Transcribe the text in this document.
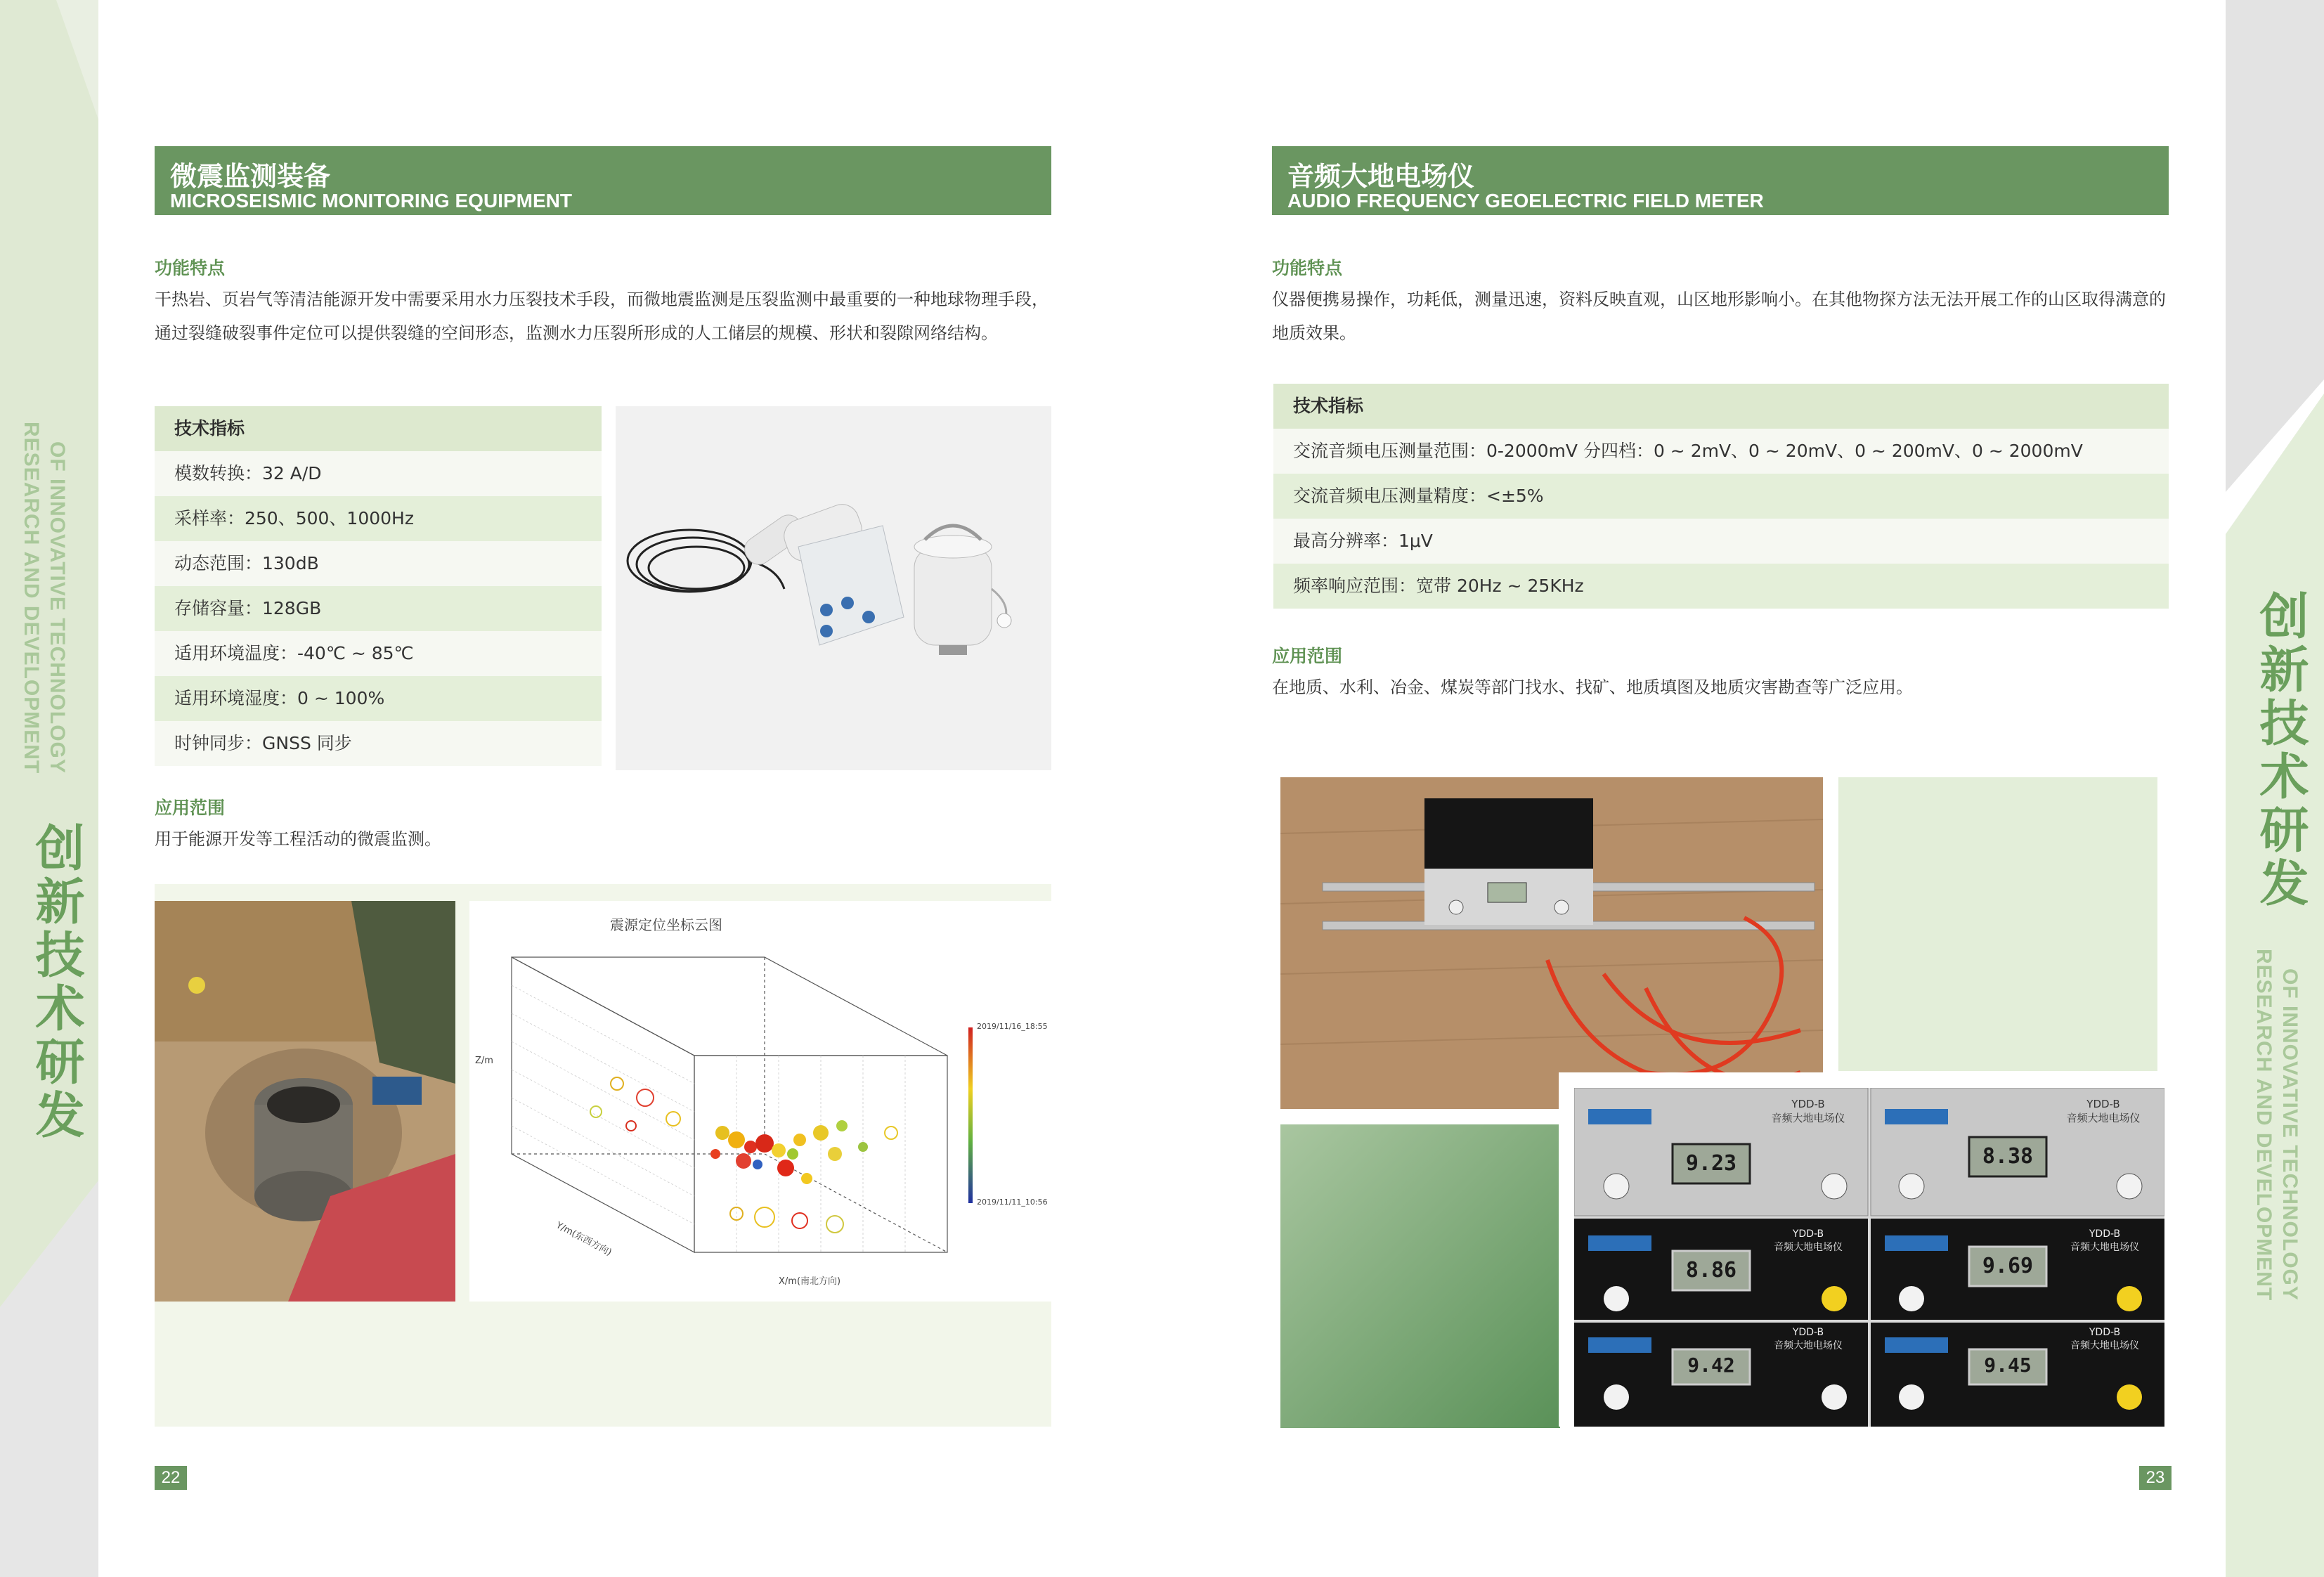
RESEARCH AND DEVELOPMENT OF INNOVATIVE TECHNOLOGY
创新技术研发
创新技术研发
RESEARCH AND DEVELOPMENT OF INNOVATIVE TECHNOLOGY
微震监测装备
MICROSEISMIC MONITORING EQUIPMENT
功能特点
干热岩、页岩气等清洁能源开发中需要采用水力压裂技术手段，而微地震监测是压裂监测中最重要的一种地球物理手段，通过裂缝破裂事件定位可以提供裂缝的空间形态，监测水力压裂所形成的人工储层的规模、形状和裂隙网络结构。
技术指标
模数转换：32 A/D
采样率：250、500、1000Hz
动态范围：130dB
存储容量：128GB
适用环境温度：-40℃ ~ 85℃
适用环境湿度：0 ~ 100%
时钟同步：GNSS 同步
应用范围
用于能源开发等工程活动的微震监测。
震源定位坐标云图
2019/11/16_18:55
2019/11/11_10:56
X/m(南北方向)
Y/m(东西方向)
Z/m
22
音频大地电场仪
AUDIO FREQUENCY GEOELECTRIC FIELD METER
功能特点
仪器便携易操作，功耗低，测量迅速，资料反映直观，山区地形影响小。在其他物探方法无法开展工作的山区取得满意的地质效果。
技术指标
交流音频电压测量范围：0-2000mV 分四档：0 ~ 2mV、0 ~ 20mV、0 ~ 200mV、0 ~ 2000mV
交流音频电压测量精度：<±5%
最高分辨率：1μV
频率响应范围：宽带 20Hz ~ 25KHz
应用范围
在地质、水利、冶金、煤炭等部门找水、找矿、地质填图及地质灾害勘查等广泛应用。
YDD-B
音频大地电场仪
YDD-B
音频大地电场仪
YDD-B
音频大地电场仪
YDD-B
音频大地电场仪
YDD-B
音频大地电场仪
YDD-B
音频大地电场仪
9.23	8.38
8.86	9.69
9.42	9.45
23
